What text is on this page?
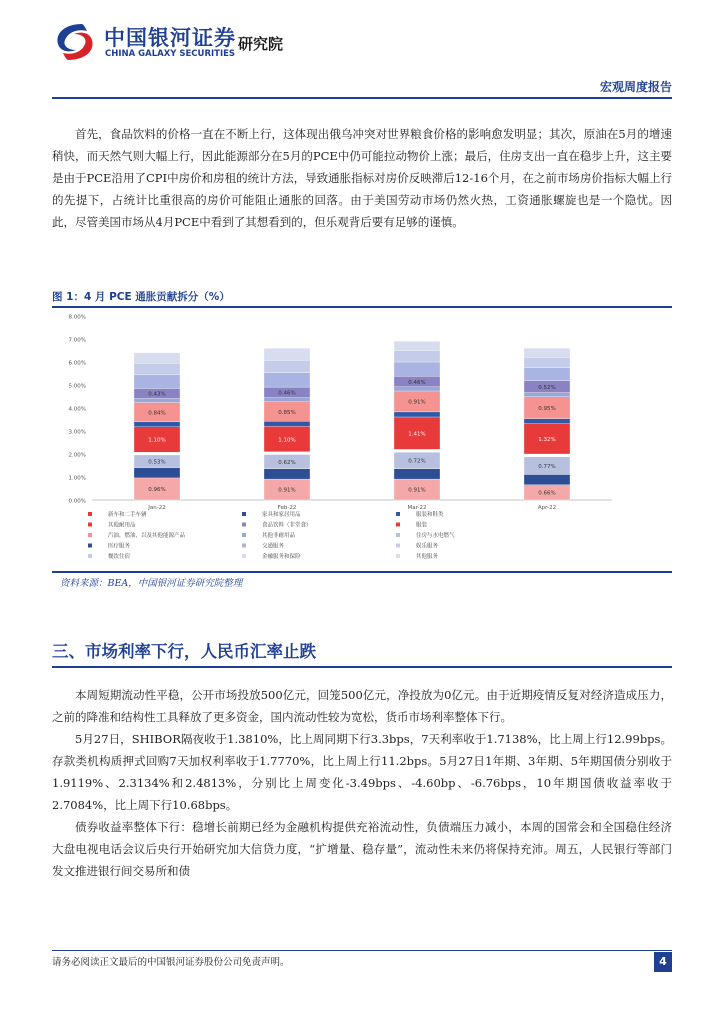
中国银河证券
CHINA GALAXY SECURITIES
研究院
宏观周度报告
首先，食品饮料的价格一直在不断上行，这体现出俄乌冲突对世界粮食价格的影响愈发明显；其次，原油在5月的增速稍快，而天然气则大幅上行，因此能源部分在5月的PCE中仍可能拉动物价上涨；最后，住房支出一直在稳步上升，这主要是由于PCE沿用了CPI中房价和房租的统计方法，导致通胀指标对房价反映滞后12-16个月，在之前市场房价指标大幅上行的先提下，占统计比重很高的房价可能阻止通胀的回落。由于美国劳动市场仍然火热，工资通胀螺旋也是一个隐忧。因此，尽管美国市场从4月PCE中看到了其想看到的，但乐观背后要有足够的谨慎。
图 1：4 月 PCE 通胀贡献拆分（%）
0.00%
1.00%
2.00%
3.00%
4.00%
5.00%
6.00%
7.00%
8.00%
0.96%
0.53%
1.10%
0.84%
0.43%
Jan-22
0.91%
0.62%
1.10%
0.85%
0.46%
Feb-22
0.91%
0.72%
1.41%
0.91%
0.46%
Mar-22
0.66%
0.77%
1.32%
0.95%
0.52%
Apr-22
新车和二手车辆	家具和家居用品	服装和鞋类
其他耐用品	食品饮料（非堂食）	服装
汽油，燃油，以及其他能源产品	其他非耐用品	住房与水电燃气
医疗服务	交通服务	娱乐服务
餐饮住宿	金融服务和保险	其他服务
资料来源：BEA，中国银河证券研究院整理
三、市场利率下行，人民币汇率止跌

本周短期流动性平稳，公开市场投放500亿元，回笼500亿元，净投放为0亿元。由于近期疫情反复对经济造成压力，之前的降准和结构性工具释放了更多资金，国内流动性较为宽松，货币市场利率整体下行。

5月27日，SHIBOR隔夜收于1.3810%，比上周同期下行3.3bps，7天利率收于1.7138%，比上周上行12.99bps。存款类机构质押式回购7天加权利率收于1.7770%，比上周上行11.2bps。5月27日1年期、3年期、5年期国债分别收于1.9119%、2.3134%和2.4813%，分别比上周变化-3.49bps、-4.60bp、-6.76bps，10年期国债收益率收于2.7084%，比上周下行10.68bps。

债券收益率整体下行：稳增长前期已经为金融机构提供充裕流动性，负债端压力减小，本周的国常会和全国稳住经济大盘电视电话会议后央行开始研究加大信贷力度，“扩增量、稳存量”，流动性未来仍将保持充沛。周五，人民银行等部门发文推进银行间交易所和债

请务必阅读正文最后的中国银河证券股份公司免责声明。	4
